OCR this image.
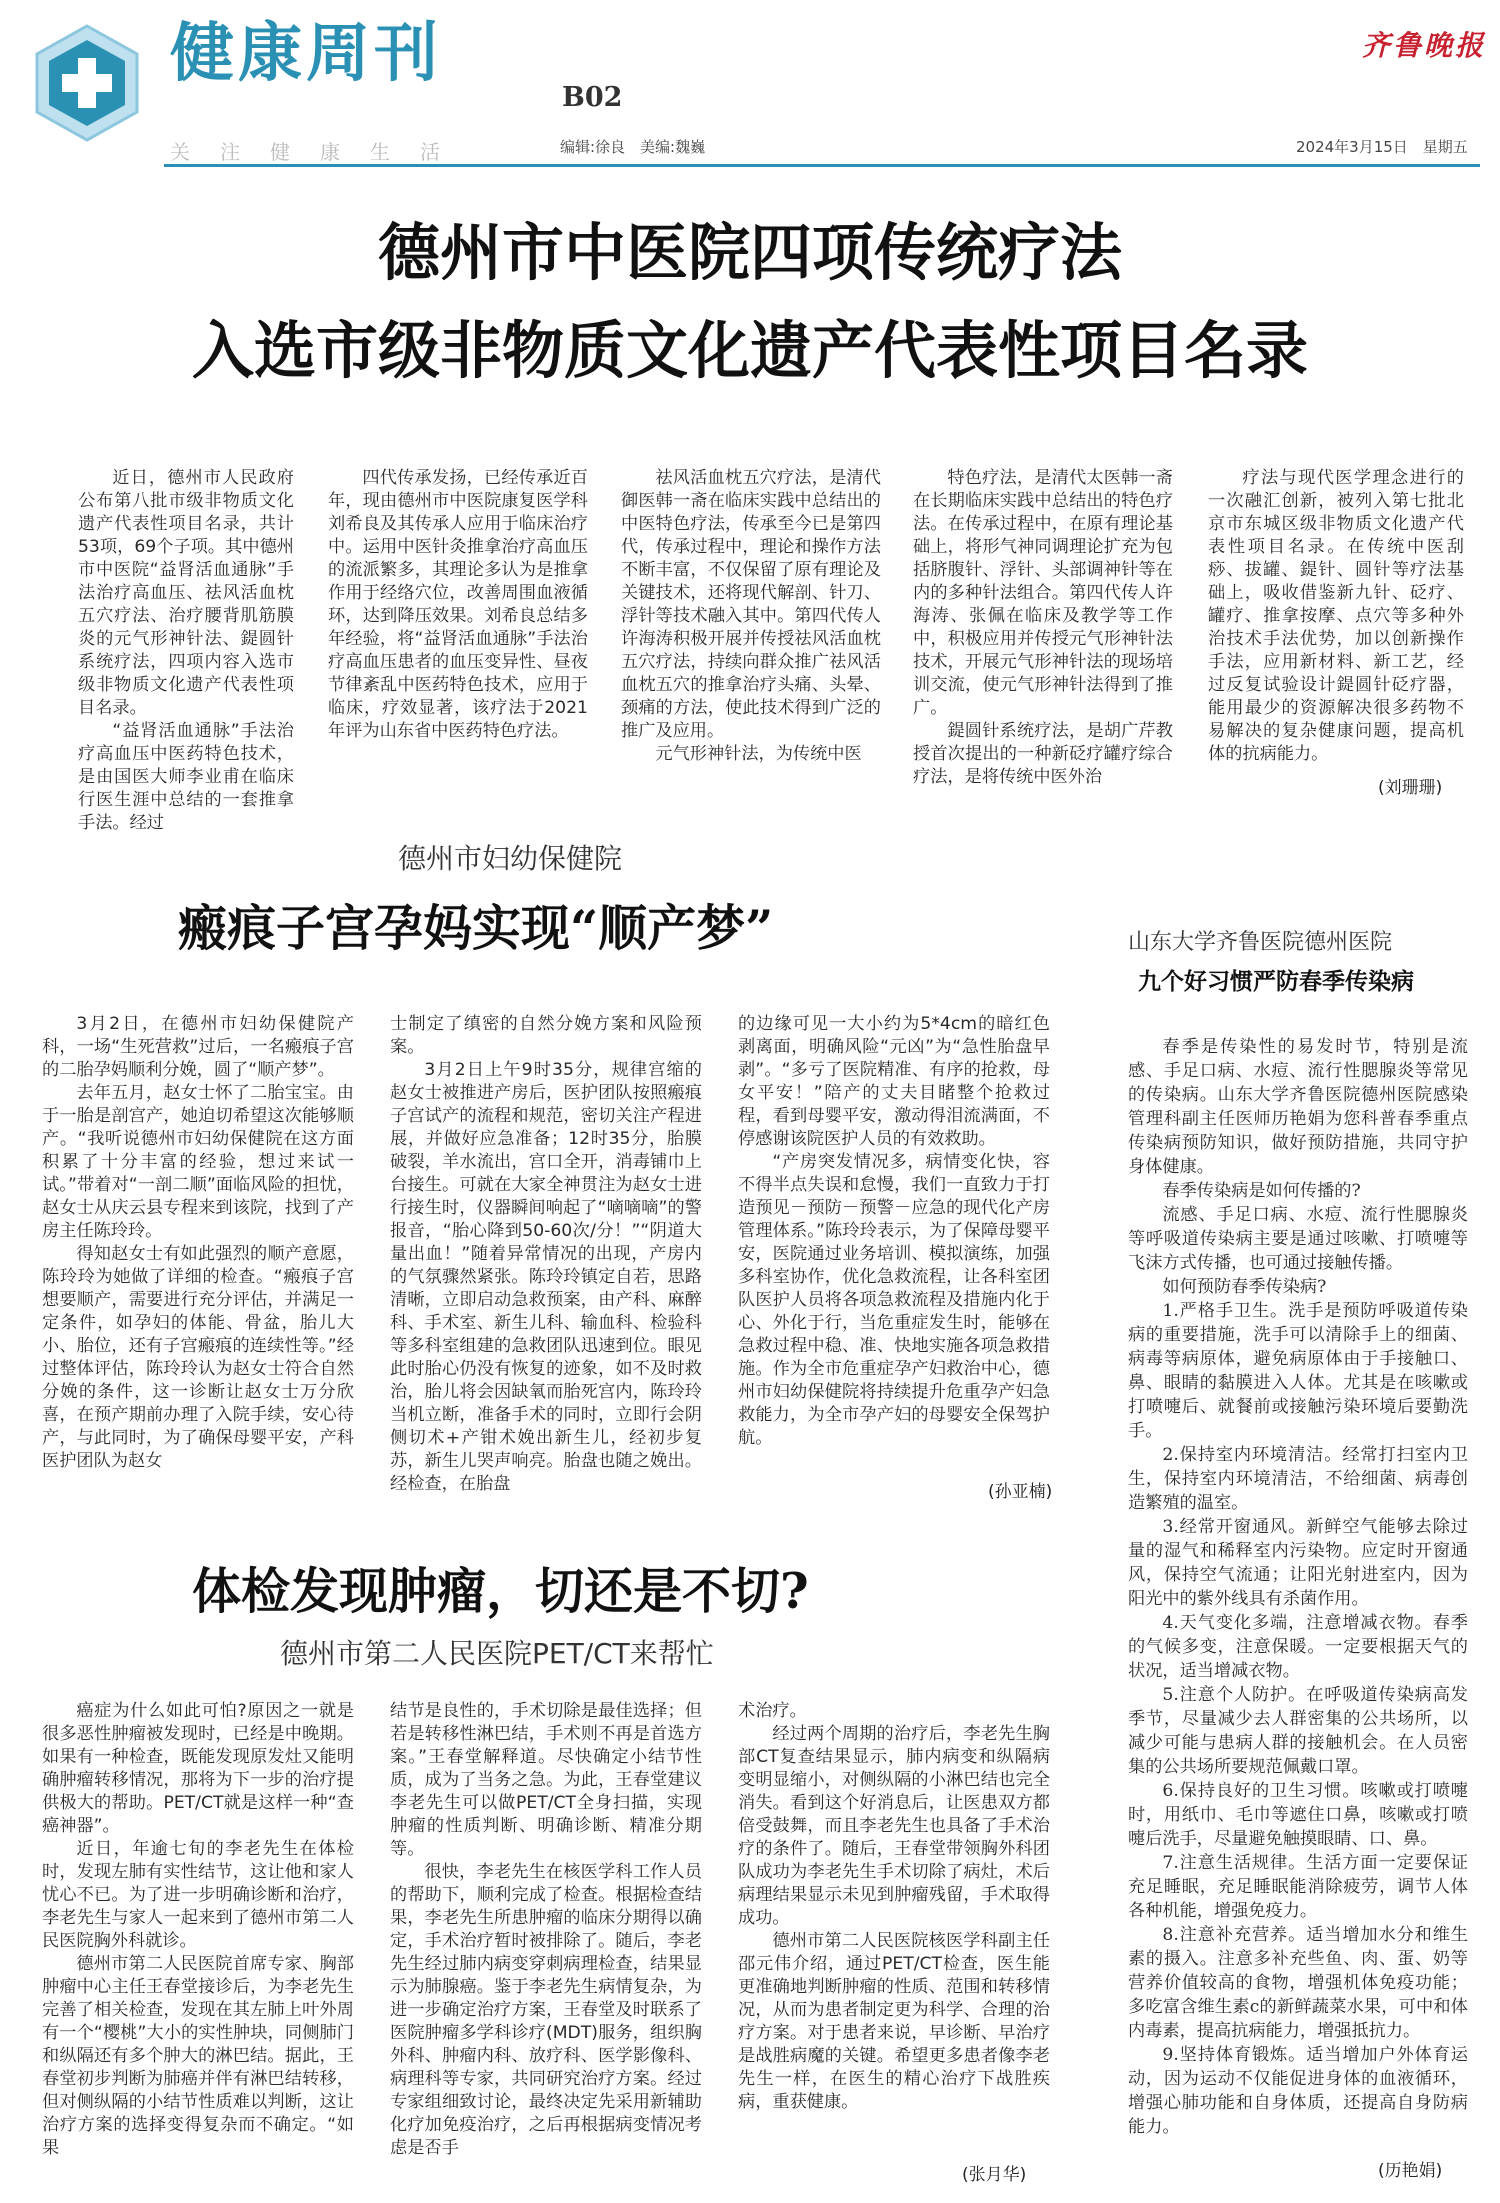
健康周刊
B02
关注健康生活	编辑:徐良　美编:魏巍	2024年3月15日　星期五
齐鲁晚报
德州市中医院四项传统疗法
入选市级非物质文化遗产代表性项目名录

近日，德州市人民政府公布第八批市级非物质文化遗产代表性项目名录，共计53项，69个子项。其中德州市中医院“益肾活血通脉”手法治疗高血压、祛风活血枕五穴疗法、治疗腰背肌筋膜炎的元气形神针法、鍉圆针系统疗法，四项内容入选市级非物质文化遗产代表性项目名录。

“益肾活血通脉”手法治疗高血压中医药特色技术，是由国医大师李业甫在临床行医生涯中总结的一套推拿手法。经过

四代传承发扬，已经传承近百年，现由德州市中医院康复医学科刘希良及其传承人应用于临床治疗中。运用中医针灸推拿治疗高血压的流派繁多，其理论多认为是推拿作用于经络穴位，改善周围血液循环，达到降压效果。刘希良总结多年经验，将“益肾活血通脉”手法治疗高血压患者的血压变异性、昼夜节律紊乱中医药特色技术，应用于临床，疗效显著，该疗法于2021年评为山东省中医药特色疗法。

祛风活血枕五穴疗法，是清代御医韩一斋在临床实践中总结出的中医特色疗法，传承至今已是第四代，传承过程中，理论和操作方法不断丰富，不仅保留了原有理论及关键技术，还将现代解剖、针刀、浮针等技术融入其中。第四代传人许海涛积极开展并传授祛风活血枕五穴疗法，持续向群众推广祛风活血枕五穴的推拿治疗头痛、头晕、颈痛的方法，使此技术得到广泛的推广及应用。

元气形神针法，为传统中医

特色疗法，是清代太医韩一斋在长期临床实践中总结出的特色疗法。在传承过程中，在原有理论基础上，将形气神同调理论扩充为包括脐腹针、浮针、头部调神针等在内的多种针法组合。第四代传人许海涛、张佩在临床及教学等工作中，积极应用并传授元气形神针法技术，开展元气形神针法的现场培训交流，使元气形神针法得到了推广。

鍉圆针系统疗法，是胡广芹教授首次提出的一种新砭疗罐疗综合疗法，是将传统中医外治

疗法与现代医学理念进行的一次融汇创新，被列入第七批北京市东城区级非物质文化遗产代表性项目名录。在传统中医刮痧、拔罐、鍉针、圆针等疗法基础上，吸收借鉴新九针、砭疗、罐疗、推拿按摩、点穴等多种外治技术手法优势，加以创新操作手法，应用新材料、新工艺，经过反复试验设计鍉圆针砭疗器，能用最少的资源解决很多药物不易解决的复杂健康问题，提高机体的抗病能力。

(刘珊珊)
德州市妇幼保健院
瘢痕子宫孕妈实现“顺产梦”

3月2日，在德州市妇幼保健院产科，一场“生死营救”过后，一名瘢痕子宫的二胎孕妈顺利分娩，圆了“顺产梦”。

去年五月，赵女士怀了二胎宝宝。由于一胎是剖宫产，她迫切希望这次能够顺产。“我听说德州市妇幼保健院在这方面积累了十分丰富的经验，想过来试一试。”带着对“一剖二顺”面临风险的担忧，赵女士从庆云县专程来到该院，找到了产房主任陈玲玲。

得知赵女士有如此强烈的顺产意愿，陈玲玲为她做了详细的检查。“瘢痕子宫想要顺产，需要进行充分评估，并满足一定条件，如孕妇的体能、骨盆，胎儿大小、胎位，还有子宫瘢痕的连续性等。”经过整体评估，陈玲玲认为赵女士符合自然分娩的条件，这一诊断让赵女士万分欣喜，在预产期前办理了入院手续，安心待产，与此同时，为了确保母婴平安，产科医护团队为赵女

士制定了缜密的自然分娩方案和风险预案。

3月2日上午9时35分，规律宫缩的赵女士被推进产房后，医护团队按照瘢痕子宫试产的流程和规范，密切关注产程进展，并做好应急准备；12时35分，胎膜破裂，羊水流出，宫口全开，消毒铺巾上台接生。可就在大家全神贯注为赵女士进行接生时，仪器瞬间响起了“嘀嘀嘀”的警报音，“胎心降到50-60次/分！”“阴道大量出血！”随着异常情况的出现，产房内的气氛骤然紧张。陈玲玲镇定自若，思路清晰，立即启动急救预案，由产科、麻醉科、手术室、新生儿科、输血科、检验科等多科室组建的急救团队迅速到位。眼见此时胎心仍没有恢复的迹象，如不及时救治，胎儿将会因缺氧而胎死宫内，陈玲玲当机立断，准备手术的同时，立即行会阴侧切术+产钳术娩出新生儿，经初步复苏，新生儿哭声响亮。胎盘也随之娩出。经检查，在胎盘

的边缘可见一大小约为5*4cm的暗红色剥离面，明确风险“元凶”为“急性胎盘早剥”。“多亏了医院精准、有序的抢救，母女平安！”陪产的丈夫目睹整个抢救过程，看到母婴平安，激动得泪流满面，不停感谢该院医护人员的有效救助。

“产房突发情况多，病情变化快，容不得半点失误和怠慢，我们一直致力于打造预见－预防－预警－应急的现代化产房管理体系。”陈玲玲表示，为了保障母婴平安，医院通过业务培训、模拟演练，加强多科室协作，优化急救流程，让各科室团队医护人员将各项急救流程及措施内化于心、外化于行，当危重症发生时，能够在急救过程中稳、准、快地实施各项急救措施。作为全市危重症孕产妇救治中心，德州市妇幼保健院将持续提升危重孕产妇急救能力，为全市孕产妇的母婴安全保驾护航。

(孙亚楠)
体检发现肿瘤，切还是不切?
德州市第二人民医院PET/CT来帮忙

癌症为什么如此可怕?原因之一就是很多恶性肿瘤被发现时，已经是中晚期。如果有一种检查，既能发现原发灶又能明确肿瘤转移情况，那将为下一步的治疗提供极大的帮助。PET/CT就是这样一种“查癌神器”。

近日，年逾七旬的李老先生在体检时，发现左肺有实性结节，这让他和家人忧心不已。为了进一步明确诊断和治疗，李老先生与家人一起来到了德州市第二人民医院胸外科就诊。

德州市第二人民医院首席专家、胸部肿瘤中心主任王春堂接诊后，为李老先生完善了相关检查，发现在其左肺上叶外周有一个“樱桃”大小的实性肿块，同侧肺门和纵隔还有多个肿大的淋巴结。据此，王春堂初步判断为肺癌并伴有淋巴结转移，但对侧纵隔的小结节性质难以判断，这让治疗方案的选择变得复杂而不确定。“如果

结节是良性的，手术切除是最佳选择；但若是转移性淋巴结，手术则不再是首选方案。”王春堂解释道。尽快确定小结节性质，成为了当务之急。为此，王春堂建议李老先生可以做PET/CT全身扫描，实现肿瘤的性质判断、明确诊断、精准分期等。

很快，李老先生在核医学科工作人员的帮助下，顺利完成了检查。根据检查结果，李老先生所患肿瘤的临床分期得以确定，手术治疗暂时被排除了。随后，李老先生经过肺内病变穿刺病理检查，结果显示为肺腺癌。鉴于李老先生病情复杂，为进一步确定治疗方案，王春堂及时联系了医院肿瘤多学科诊疗(MDT)服务，组织胸外科、肿瘤内科、放疗科、医学影像科、病理科等专家，共同研究治疗方案。经过专家组细致讨论，最终决定先采用新辅助化疗加免疫治疗，之后再根据病变情况考虑是否手

术治疗。

经过两个周期的治疗后，李老先生胸部CT复查结果显示，肺内病变和纵隔病变明显缩小，对侧纵隔的小淋巴结也完全消失。看到这个好消息后，让医患双方都倍受鼓舞，而且李老先生也具备了手术治疗的条件了。随后，王春堂带领胸外科团队成功为李老先生手术切除了病灶，术后病理结果显示未见到肿瘤残留，手术取得成功。

德州市第二人民医院核医学科副主任邵元伟介绍，通过PET/CT检查，医生能更准确地判断肿瘤的性质、范围和转移情况，从而为患者制定更为科学、合理的治疗方案。对于患者来说，早诊断、早治疗是战胜病魔的关键。希望更多患者像李老先生一样，在医生的精心治疗下战胜疾病，重获健康。

(张月华)
山东大学齐鲁医院德州医院
九个好习惯严防春季传染病

春季是传染性的易发时节，特别是流感、手足口病、水痘、流行性腮腺炎等常见的传染病。山东大学齐鲁医院德州医院感染管理科副主任医师历艳娟为您科普春季重点传染病预防知识，做好预防措施，共同守护身体健康。

春季传染病是如何传播的?

流感、手足口病、水痘、流行性腮腺炎等呼吸道传染病主要是通过咳嗽、打喷嚏等飞沫方式传播，也可通过接触传播。

如何预防春季传染病?

1.严格手卫生。洗手是预防呼吸道传染病的重要措施，洗手可以清除手上的细菌、病毒等病原体，避免病原体由于手接触口、鼻、眼睛的黏膜进入人体。尤其是在咳嗽或打喷嚏后、就餐前或接触污染环境后要勤洗手。

2.保持室内环境清洁。经常打扫室内卫生，保持室内环境清洁，不给细菌、病毒创造繁殖的温室。

3.经常开窗通风。新鲜空气能够去除过量的湿气和稀释室内污染物。应定时开窗通风，保持空气流通；让阳光射进室内，因为阳光中的紫外线具有杀菌作用。

4.天气变化多端，注意增减衣物。春季的气候多变，注意保暖。一定要根据天气的状况，适当增减衣物。

5.注意个人防护。在呼吸道传染病高发季节，尽量减少去人群密集的公共场所，以减少可能与患病人群的接触机会。在人员密集的公共场所要规范佩戴口罩。

6.保持良好的卫生习惯。咳嗽或打喷嚏时，用纸巾、毛巾等遮住口鼻，咳嗽或打喷嚏后洗手，尽量避免触摸眼睛、口、鼻。

7.注意生活规律。生活方面一定要保证充足睡眠，充足睡眠能消除疲劳，调节人体各种机能，增强免疫力。

8.注意补充营养。适当增加水分和维生素的摄入。注意多补充些鱼、肉、蛋、奶等营养价值较高的食物，增强机体免疫功能；多吃富含维生素c的新鲜蔬菜水果，可中和体内毒素，提高抗病能力，增强抵抗力。

9.坚持体育锻炼。适当增加户外体育运动，因为运动不仅能促进身体的血液循环，增强心肺功能和自身体质，还提高自身防病能力。

(历艳娟)
